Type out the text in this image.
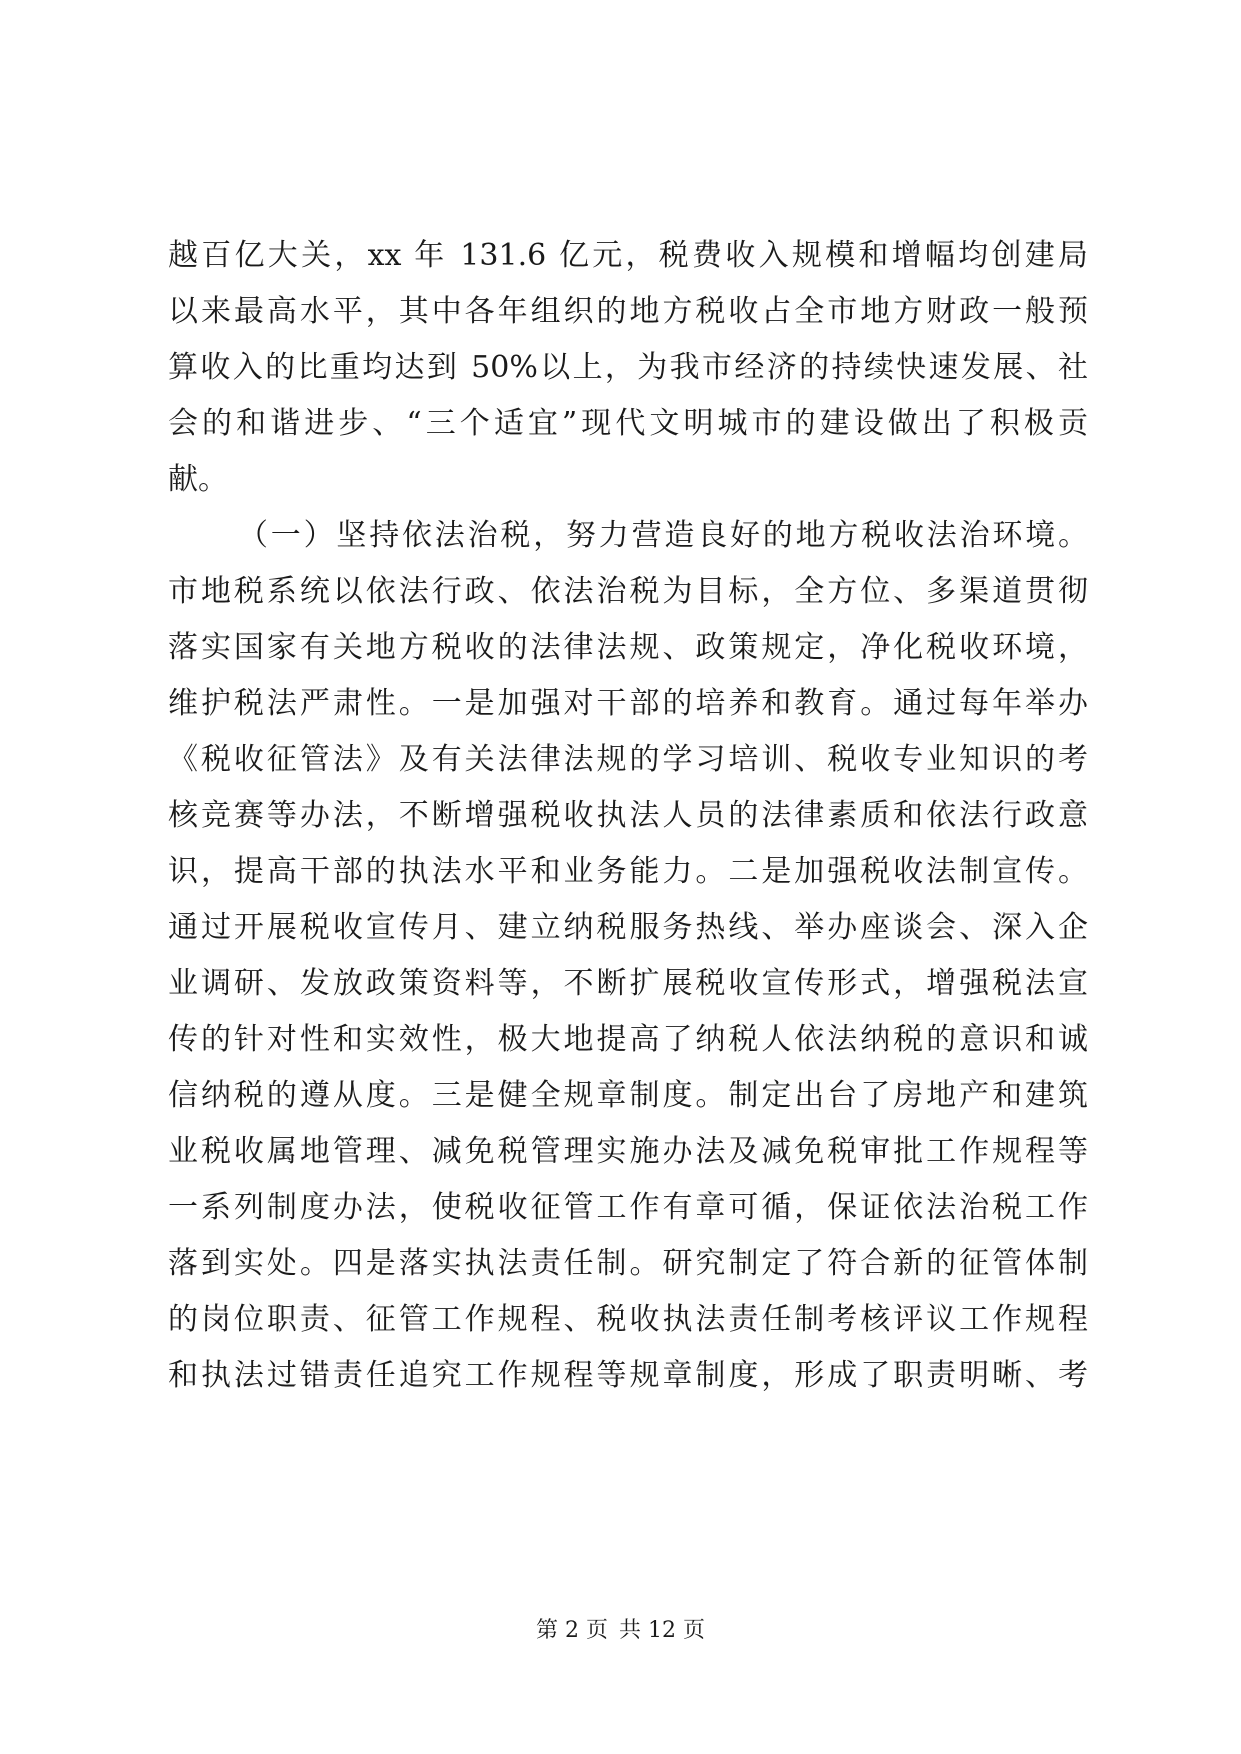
越百亿大关，xx 年 131.6 亿元，税费收入规模和增幅均创建局
以来最高水平，其中各年组织的地方税收占全市地方财政一般预
算收入的比重均达到 50%以上，为我市经济的持续快速发展、社
会的和谐进步、“三个适宜”现代文明城市的建设做出了积极贡
献。
（一）坚持依法治税，努力营造良好的地方税收法治环境。
市地税系统以依法行政、依法治税为目标，全方位、多渠道贯彻
落实国家有关地方税收的法律法规、政策规定，净化税收环境，
维护税法严肃性。一是加强对干部的培养和教育。通过每年举办
《税收征管法》及有关法律法规的学习培训、税收专业知识的考
核竞赛等办法，不断增强税收执法人员的法律素质和依法行政意
识，提高干部的执法水平和业务能力。二是加强税收法制宣传。
通过开展税收宣传月、建立纳税服务热线、举办座谈会、深入企
业调研、发放政策资料等，不断扩展税收宣传形式，增强税法宣
传的针对性和实效性，极大地提高了纳税人依法纳税的意识和诚
信纳税的遵从度。三是健全规章制度。制定出台了房地产和建筑
业税收属地管理、减免税管理实施办法及减免税审批工作规程等
一系列制度办法，使税收征管工作有章可循，保证依法治税工作
落到实处。四是落实执法责任制。研究制定了符合新的征管体制
的岗位职责、征管工作规程、税收执法责任制考核评议工作规程
和执法过错责任追究工作规程等规章制度，形成了职责明晰、考
第 2 页 共 12 页
